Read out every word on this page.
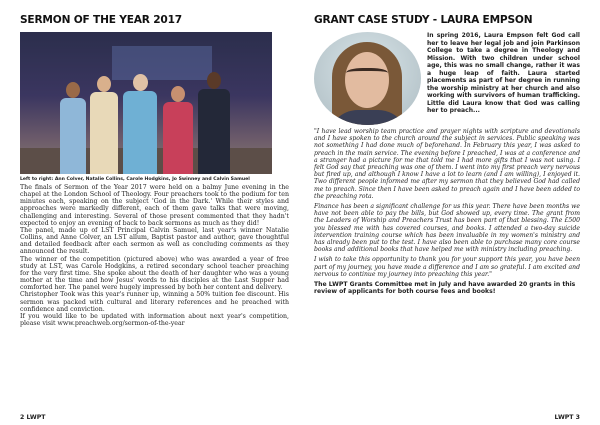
SERMON OF THE YEAR 2017
Left to right: Ann Colver, Natalie Collins, Carole Hodgkins, Jo Swinney and Calvin Samuel

The finals of Sermon of the Year 2017 were held on a balmy June evening in the chapel at the London School of Theology. Four preachers took to the podium for ten minutes each, speaking on the subject 'God in the Dark.' While their styles and approaches were markedly different, each of them gave talks that were moving, challenging and interesting. Several of those present commented that they hadn't expected to enjoy an evening of back to back sermons as much as they did!

The panel, made up of LST Principal Calvin Samuel, last year's winner Natalie Collins, and Anne Colver, an LST allum, Baptist pastor and author, gave thoughtful and detailed feedback after each sermon as well as concluding comments as they announced the result.

The winner of the competition (pictured above) who was awarded a year of free study at LST, was Carole Hodgkins, a retired secondary school teacher preaching for the very first time. She spoke about the death of her daughter who was a young mother at the time and how Jesus' words to his disciples at the Last Supper had comforted her. The panel were hugely impressed by both her content and delivery.

Christopher Took was this year's runner up, winning a 50% tuition fee discount. His sermon was packed with cultural and literary references and he preached with confidence and conviction.

If you would like to be updated with information about next year's competition, please visit www.preachweb.org/sermon-of-the-year

2 LWPT
GRANT CASE STUDY - LAURA EMPSON
In spring 2016, Laura Empson felt God call her to leave her legal job and join Parkinson College to take a degree in Theology and Mission. With two children under school age, this was no small change, rather it was a huge leap of faith. Laura started placements as part of her degree in running the worship ministry at her church and also working with survivors of human trafficking. Little did Laura know that God was calling her to preach...

"I have lead worship team practice and prayer nights with scripture and devotionals and I have spoken to the church around the subject in services. Public speaking was not something I had done much of beforehand. In February this year, I was asked to preach in the main service. The evening before I preached, I was at a conference and a stranger had a picture for me that told me I had more gifts that I was not using. I felt God say that preaching was one of them. I went into my first preach very nervous but fired up, and although I know I have a lot to learn (and I am willing), I enjoyed it. Two different people informed me after my sermon that they believed God had called me to preach. Since then I have been asked to preach again and I have been added to the preaching rota.

Finance has been a significant challenge for us this year. There have been months we have not been able to pay the bills, but God showed up, every time. The grant from the Leaders of Worship and Preachers Trust has been part of that blessing. The £500 you blessed me with has covered courses, and books. I attended a two-day suicide intervention training course which has been invaluable in my women's ministry and has already been put to the test. I have also been able to purchase many core course books and additional books that have helped me with ministry including preaching.

I wish to take this opportunity to thank you for your support this year, you have been part of my journey, you have made a difference and I am so grateful. I am excited and nervous to continue my journey into preaching this year."

The LWPT Grants Committee met in July and have awarded 20 grants in this review of applicants for both course fees and books!
LWPT 3
